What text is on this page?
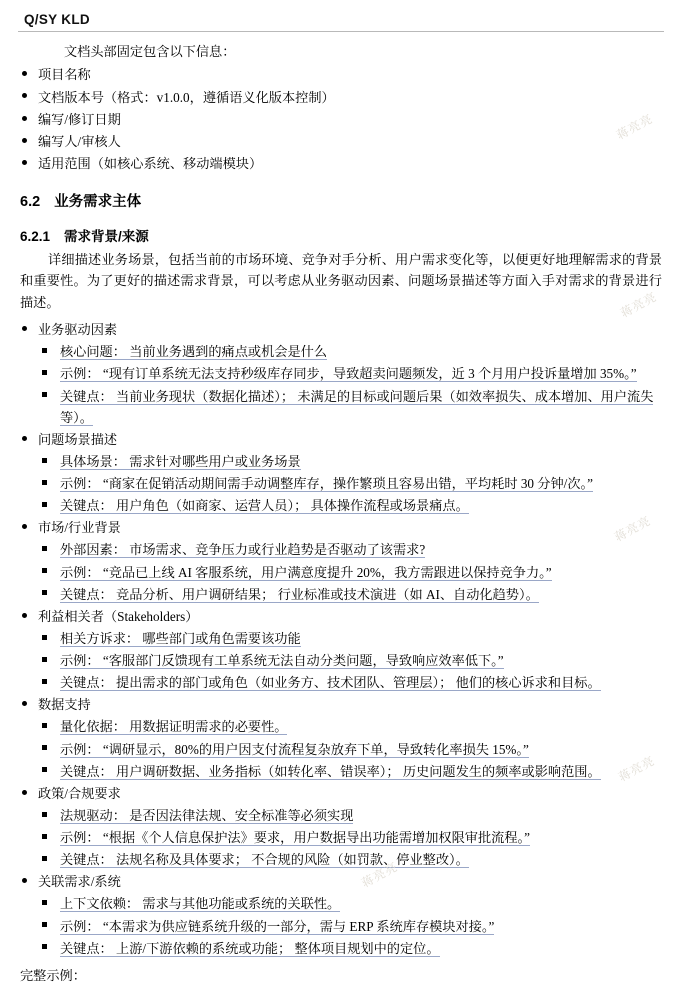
Q/SY KLD
文档头部固定包含以下信息：
项目名称
文档版本号（格式：v1.0.0，遵循语义化版本控制）
编写/修订日期
编写人/审核人
适用范围（如核心系统、移动端模块）
6.2 业务需求主体
6.2.1 需求背景/来源

详细描述业务场景，包括当前的市场环境、竞争对手分析、用户需求变化等，以便更好地理解需求的背景和重要性。为了更好的描述需求背景，可以考虑从业务驱动因素、问题场景描述等方面入手对需求的背景进行描述。

业务驱动因素
核心问题： 当前业务遇到的痛点或机会是什么
示例： “现有订单系统无法支持秒级库存同步，导致超卖问题频发，近 3 个月用户投诉量增加 35%。”
关键点： 当前业务现状（数据化描述）； 未满足的目标或问题后果（如效率损失、成本增加、用户流失等）。
问题场景描述
具体场景： 需求针对哪些用户或业务场景
示例： “商家在促销活动期间需手动调整库存，操作繁琐且容易出错，平均耗时 30 分钟/次。”
关键点： 用户角色（如商家、运营人员）； 具体操作流程或场景痛点。
市场/行业背景
外部因素： 市场需求、竞争压力或行业趋势是否驱动了该需求?
示例： “竞品已上线 AI 客服系统，用户满意度提升 20%，我方需跟进以保持竞争力。”
关键点： 竞品分析、用户调研结果； 行业标准或技术演进（如 AI、自动化趋势）。
利益相关者（Stakeholders）
相关方诉求： 哪些部门或角色需要该功能
示例： “客服部门反馈现有工单系统无法自动分类问题，导致响应效率低下。”
关键点： 提出需求的部门或角色（如业务方、技术团队、管理层）； 他们的核心诉求和目标。
数据支持
量化依据： 用数据证明需求的必要性。
示例： “调研显示，80%的用户因支付流程复杂放弃下单，导致转化率损失 15%。”
关键点： 用户调研数据、业务指标（如转化率、错误率）； 历史问题发生的频率或影响范围。
政策/合规要求
法规驱动： 是否因法律法规、安全标准等必须实现
示例： “根据《个人信息保护法》要求，用户数据导出功能需增加权限审批流程。”
关键点： 法规名称及具体要求； 不合规的风险（如罚款、停业整改）。
关联需求/系统
上下文依赖： 需求与其他功能或系统的关联性。
示例： “本需求为供应链系统升级的一部分，需与 ERP 系统库存模块对接。”
关键点： 上游/下游依赖的系统或功能； 整体项目规划中的定位。
完整示例：
蒋亮亮
蒋亮亮
蒋亮亮
蒋亮亮
蒋亮亮
